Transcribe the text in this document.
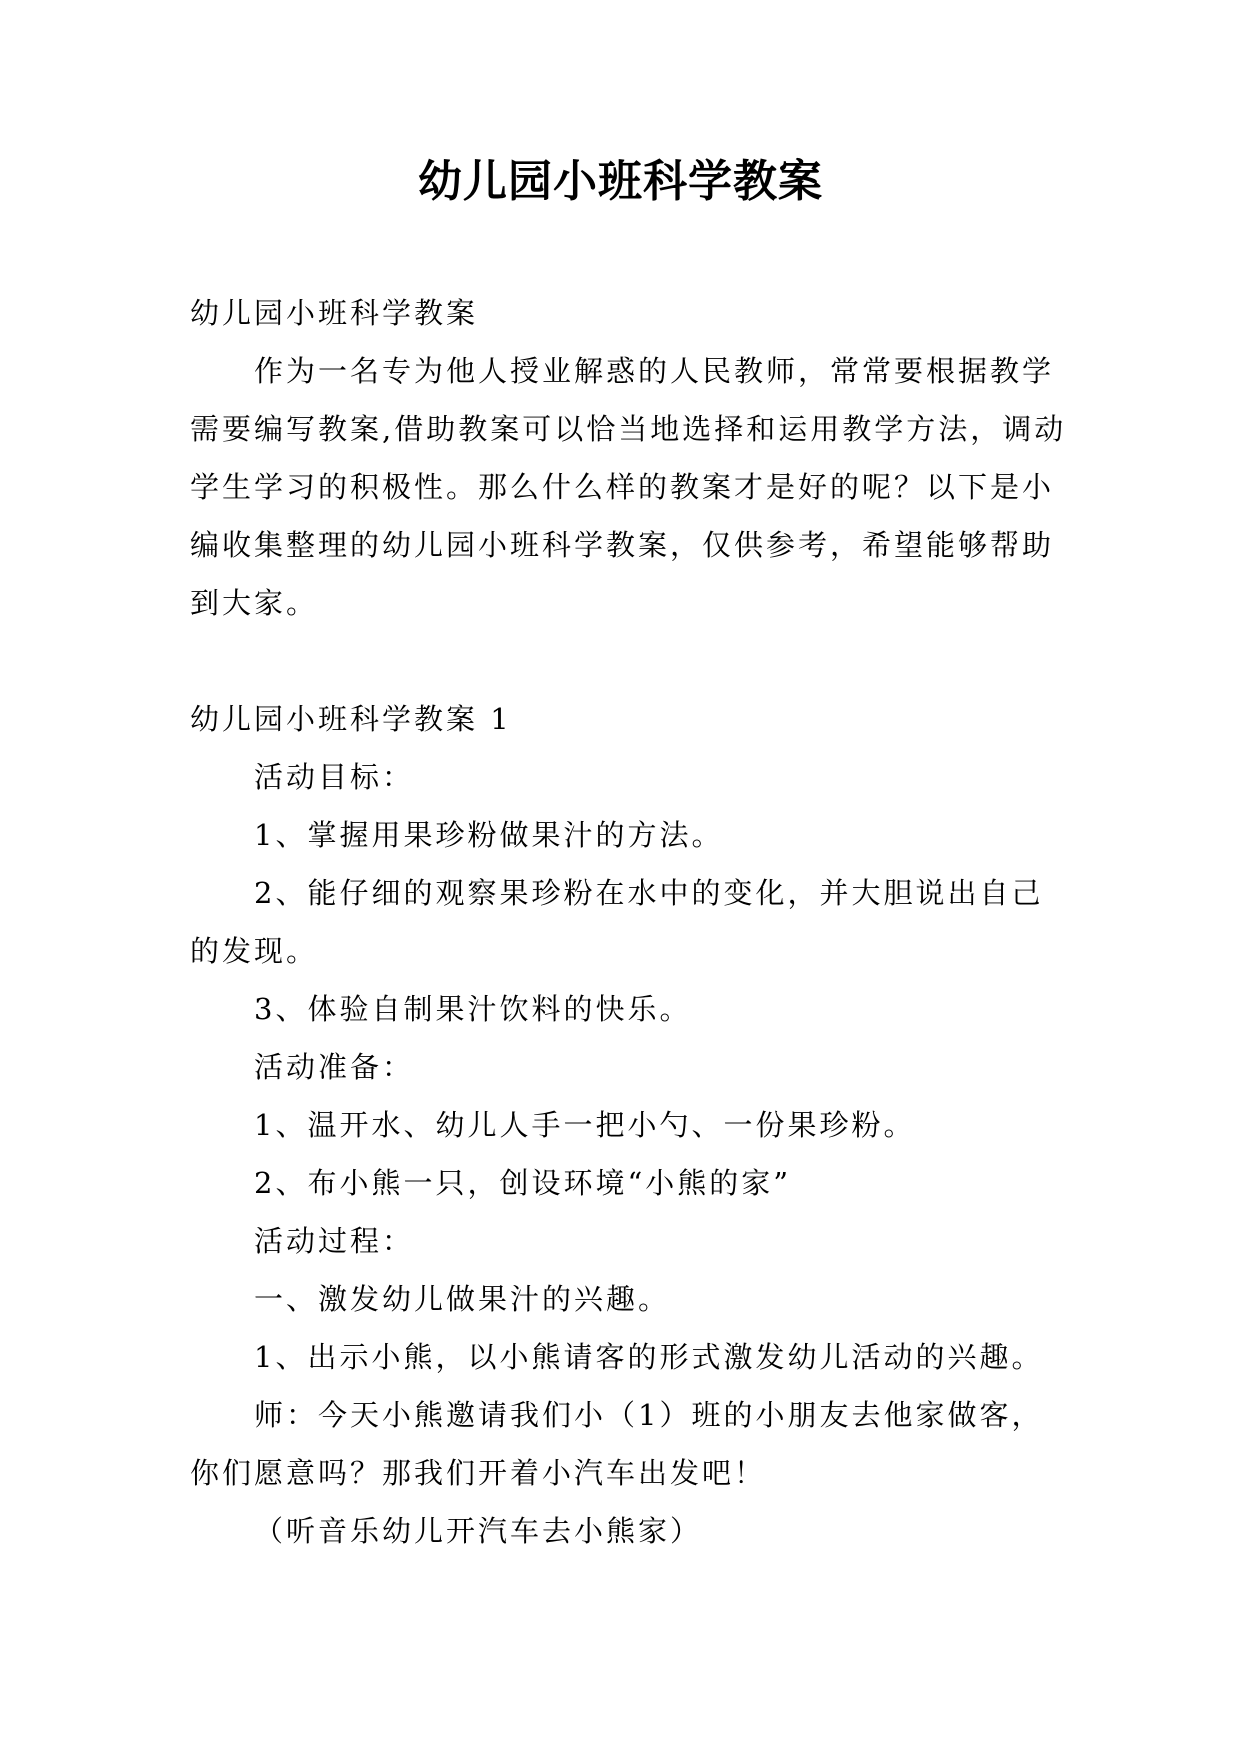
幼儿园小班科学教案

幼儿园小班科学教案

作为一名专为他人授业解惑的人民教师，常常要根据教学需要编写教案,借助教案可以恰当地选择和运用教学方法，调动学生学习的积极性。那么什么样的教案才是好的呢？以下是小编收集整理的幼儿园小班科学教案，仅供参考，希望能够帮助到大家。

幼儿园小班科学教案 1

活动目标：

1、掌握用果珍粉做果汁的方法。

2、能仔细的观察果珍粉在水中的变化，并大胆说出自己的发现。

3、体验自制果汁饮料的快乐。

活动准备：

1、温开水、幼儿人手一把小勺、一份果珍粉。

2、布小熊一只，创设环境“小熊的家”

活动过程：

一、激发幼儿做果汁的兴趣。

1、出示小熊，以小熊请客的形式激发幼儿活动的兴趣。

师：今天小熊邀请我们小（1）班的小朋友去他家做客，你们愿意吗？那我们开着小汽车出发吧！

（听音乐幼儿开汽车去小熊家）
